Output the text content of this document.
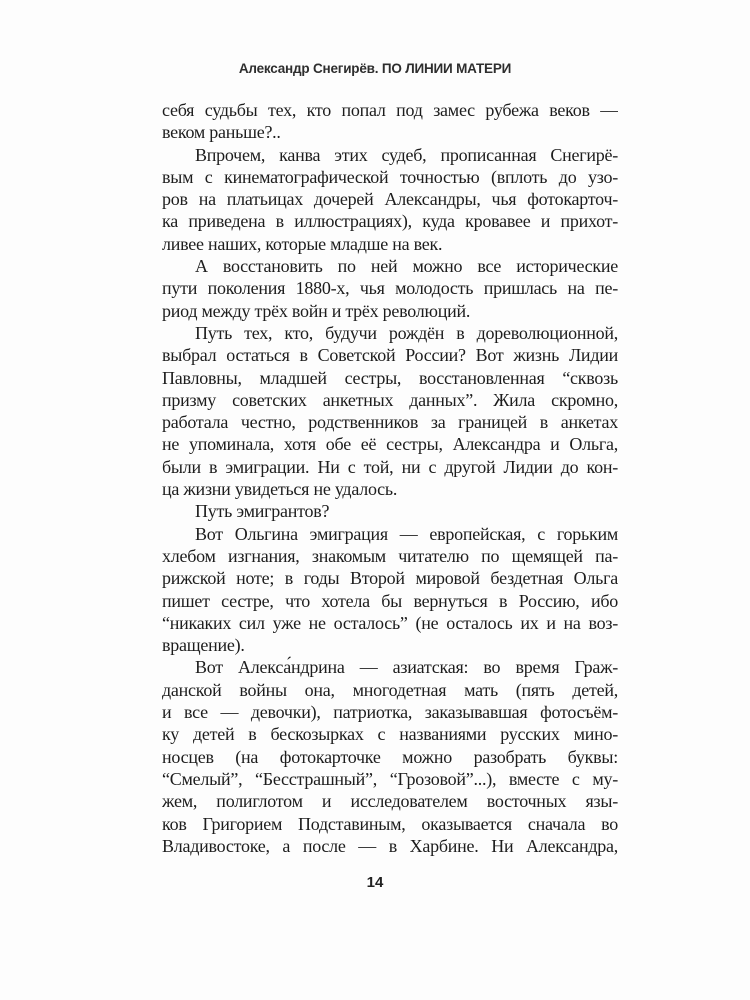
Александр Снегирёв. ПО ЛИНИИ МАТЕРИ
себя судьбы тех, кто попал под замес рубежа веков —
веком раньше?..
Впрочем, канва этих судеб, прописанная Снегирё-
вым с кинематографической точностью (вплоть до узо-
ров на платьицах дочерей Александры, чья фотокарточ-
ка приведена в иллюстрациях), куда кровавее и прихот-
ливее наших, которые младше на век.
А восстановить по ней можно все исторические
пути поколения 1880-х, чья молодость пришлась на пе-
риод между трёх войн и трёх революций.
Путь тех, кто, будучи рождён в дореволюционной,
выбрал остаться в Советской России? Вот жизнь Лидии
Павловны, младшей сестры, восстановленная “сквозь
призму советских анкетных данных”. Жила скромно,
работала честно, родственников за границей в анкетах
не упоминала, хотя обе её сестры, Александра и Ольга,
были в эмиграции. Ни с той, ни с другой Лидии до кон-
ца жизни увидеться не удалось.
Путь эмигрантов?
Вот Ольгина эмиграция — европейская, с горьким
хлебом изгнания, знакомым читателю по щемящей па-
рижской ноте; в годы Второй мировой бездетная Ольга
пишет сестре, что хотела бы вернуться в Россию, ибо
“никаких сил уже не осталось” (не осталось их и на воз-
вращение).
Вот Алекса́ндрина — азиатская: во время Граж-
данской войны она, многодетная мать (пять детей,
и все — девочки), патриотка, заказывавшая фотосъём-
ку детей в бескозырках с названиями русских мино-
носцев (на фотокарточке можно разобрать буквы:
“Смелый”, “Бесстрашный”, “Грозовой”...), вместе с му-
жем, полиглотом и исследователем восточных язы-
ков Григорием Подставиным, оказывается сначала во
Владивостоке, а после — в Харбине. Ни Александра,
14
